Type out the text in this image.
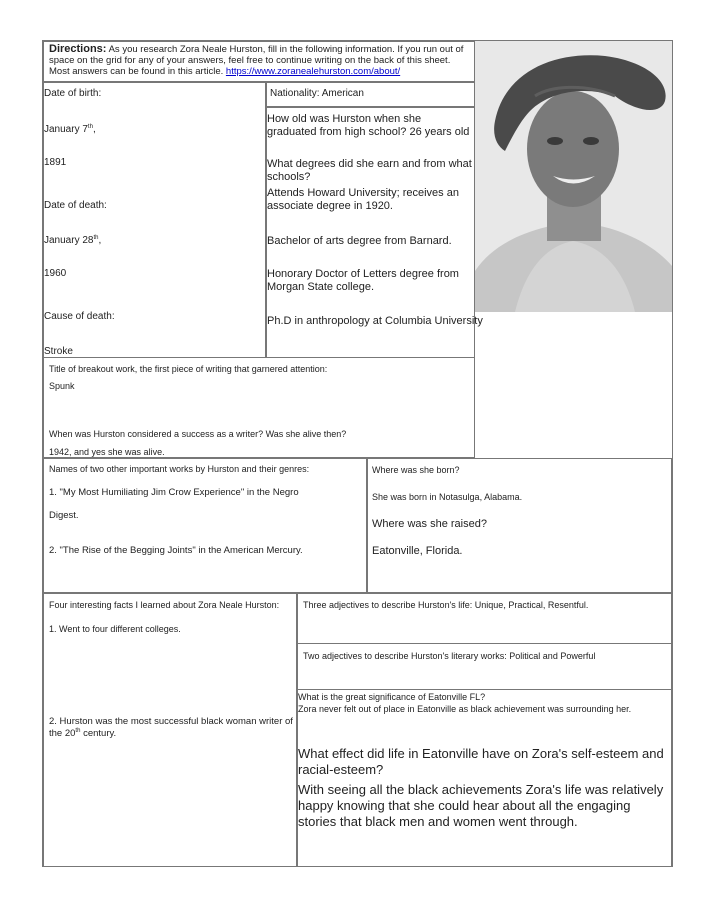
Directions: As you research Zora Neale Hurston, fill in the following information. If you run out of space on the grid for any of your answers, feel free to continue writing on the back of this sheet. Most answers can be found in this article. https://www.zoranealehurston.com/about/
Date of birth:
January 7th,
1891
Date of death:
January 28th,
1960
Cause of death:
Stroke
Nationality: American
How old was Hurston when she graduated from high school? 26 years old
What degrees did she earn and from what schools?
Attends Howard University; receives an associate degree in 1920.
Bachelor of arts degree from Barnard.
Honorary Doctor of Letters degree from Morgan State college.
Ph.D in anthropology at Columbia University
Title of breakout work, the first piece of writing that garnered attention:
Spunk
When was Hurston considered a success as a writer? Was she alive then?
1942, and yes she was alive.
Names of two other important works by Hurston and their genres:
1. "My Most Humiliating Jim Crow Experience" in the Negro
Digest.
2. "The Rise of the Begging Joints" in the American Mercury.
Where was she born?
She was born in Notasulga, Alabama.
Where was she raised?
Eatonville, Florida.
Four interesting facts I learned about Zora Neale Hurston:
1. Went to four different colleges.
2. Hurston was the most successful black woman writer of the 20th century.
Three adjectives to describe Hurston's life: Unique, Practical, Resentful.
Two adjectives to describe Hurston's literary works: Political and Powerful
What is the great significance of Eatonville FL?
Zora never felt out of place in Eatonville as black achievement was surrounding her.
What effect did life in Eatonville have on Zora's self-esteem and racial-esteem?
With seeing all the black achievements Zora's life was relatively happy knowing that she could hear about all the engaging stories that black men and women went through.
